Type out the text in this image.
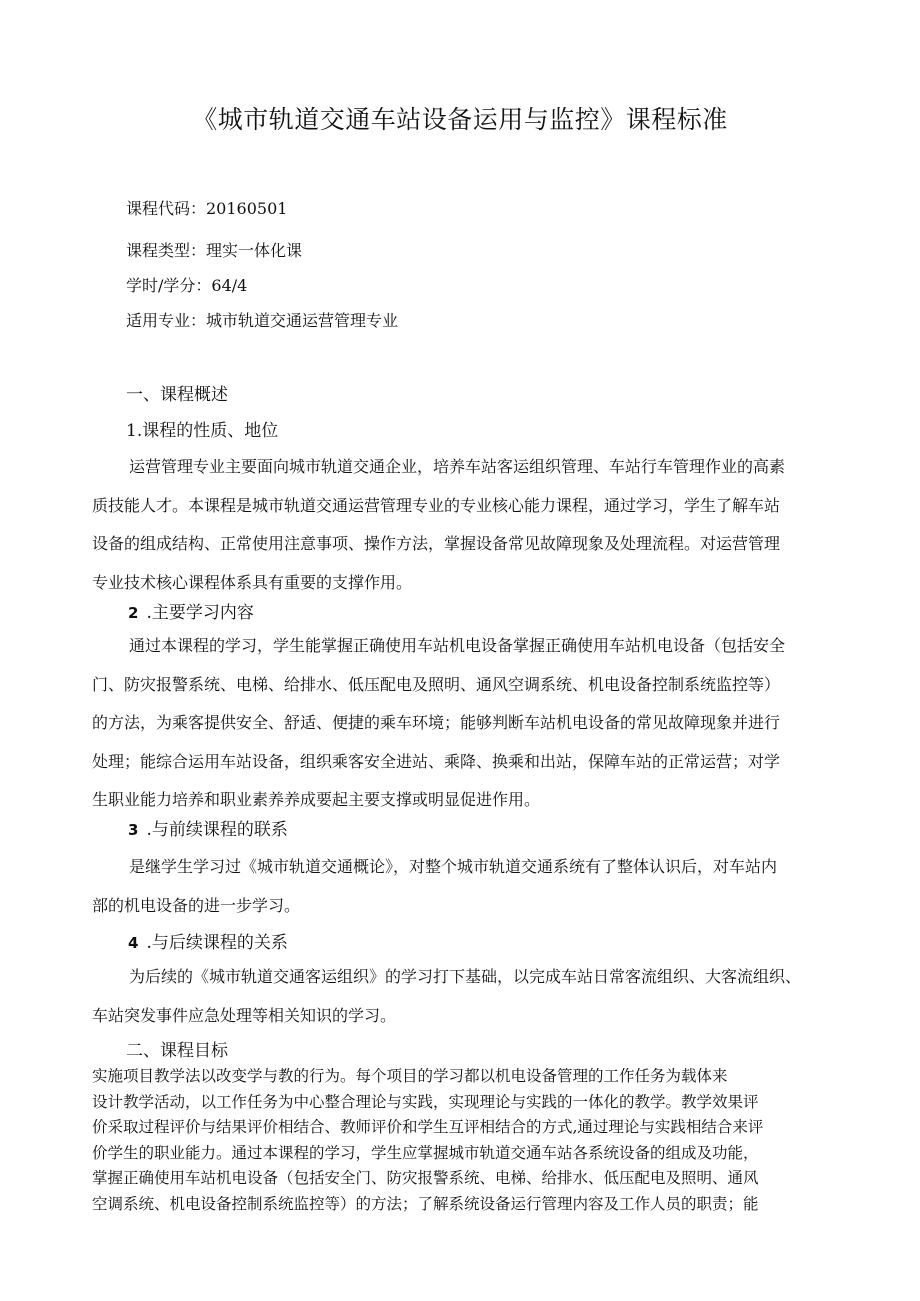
《城市轨道交通车站设备运用与监控》课程标准
课程代码：20160501
课程类型：理实一体化课
学时/学分：64/4
适用专业：城市轨道交通运营管理专业
一、课程概述
1.课程的性质、地位
运营管理专业主要面向城市轨道交通企业，培养车站客运组织管理、车站行车管理作业的高素
质技能人才。本课程是城市轨道交通运营管理专业的专业核心能力课程，通过学习，学生了解车站
设备的组成结构、正常使用注意事项、操作方法，掌握设备常见故障现象及处理流程。对运营管理
专业技术核心课程体系具有重要的支撑作用。
2 .主要学习内容
通过本课程的学习，学生能掌握正确使用车站机电设备掌握正确使用车站机电设备（包括安全
门、防灾报警系统、电梯、给排水、低压配电及照明、通风空调系统、机电设备控制系统监控等）
的方法，为乘客提供安全、舒适、便捷的乘车环境；能够判断车站机电设备的常见故障现象并进行
处理；能综合运用车站设备，组织乘客安全进站、乘降、换乘和出站，保障车站的正常运营；对学
生职业能力培养和职业素养养成要起主要支撑或明显促进作用。
3 .与前续课程的联系
是继学生学习过《城市轨道交通概论》，对整个城市轨道交通系统有了整体认识后，对车站内
部的机电设备的进一步学习。
4 .与后续课程的关系
为后续的《城市轨道交通客运组织》的学习打下基础，以完成车站日常客流组织、大客流组织、
车站突发事件应急处理等相关知识的学习。
二、课程目标
实施项目教学法以改变学与教的行为。每个项目的学习都以机电设备管理的工作任务为载体来
设计教学活动，以工作任务为中心整合理论与实践，实现理论与实践的一体化的教学。教学效果评
价采取过程评价与结果评价相结合、教师评价和学生互评相结合的方式,通过理论与实践相结合来评
价学生的职业能力。通过本课程的学习，学生应掌握城市轨道交通车站各系统设备的组成及功能，
掌握正确使用车站机电设备（包括安全门、防灾报警系统、电梯、给排水、低压配电及照明、通风
空调系统、机电设备控制系统监控等）的方法；了解系统设备运行管理内容及工作人员的职责；能
